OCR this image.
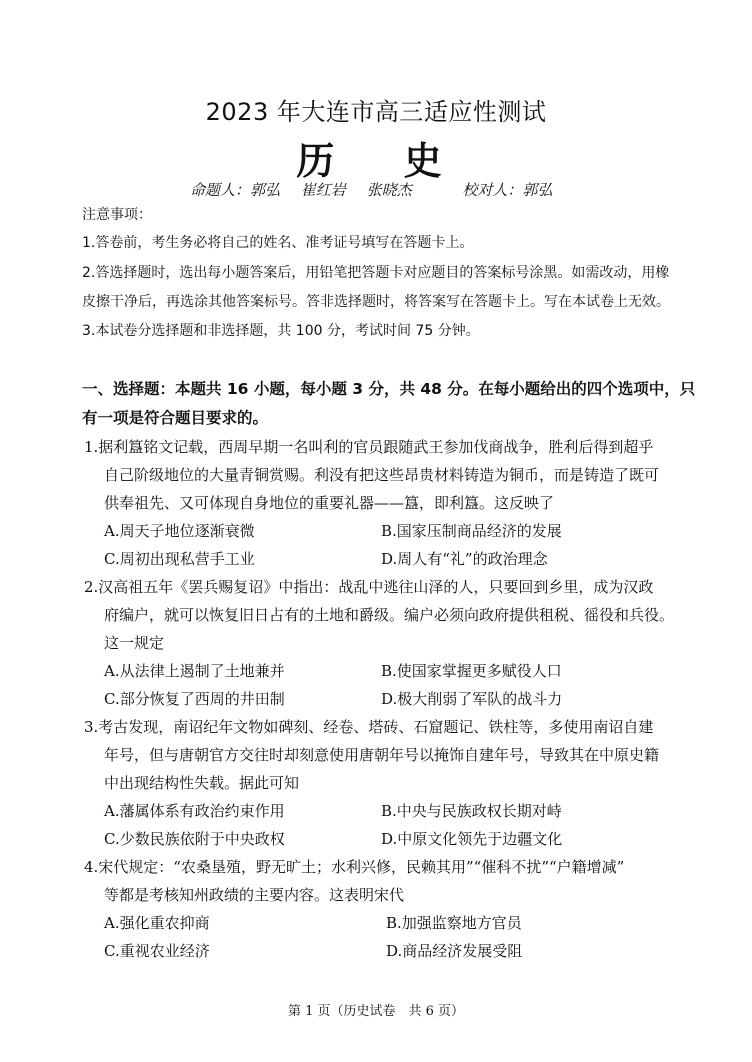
2023 年大连市高三适应性测试
历 史
命题人：郭弘 崔红岩 张晓杰	校对人：郭弘
注意事项：
1.答卷前，考生务必将自己的姓名、准考证号填写在答题卡上。
2.答选择题时，选出每小题答案后，用铅笔把答题卡对应题目的答案标号涂黑。如需改动，用橡
皮擦干净后，再选涂其他答案标号。答非选择题时，将答案写在答题卡上。写在本试卷上无效。
3.本试卷分选择题和非选择题，共 100 分，考试时间 75 分钟。
一、选择题：本题共 16 小题，每小题 3 分，共 48 分。在每小题给出的四个选项中，只
有一项是符合题目要求的。
1.据利簋铭文记载，西周早期一名叫利的官员跟随武王参加伐商战争，胜利后得到超乎
自己阶级地位的大量青铜赏赐。利没有把这些昂贵材料铸造为铜币，而是铸造了既可
供奉祖先、又可体现自身地位的重要礼器——簋，即利簋。这反映了
A.周天子地位逐渐衰微	B.国家压制商品经济的发展
C.周初出现私营手工业	D.周人有“礼”的政治理念
2.汉高祖五年《罢兵赐复诏》中指出：战乱中逃往山泽的人，只要回到乡里，成为汉政
府编户，就可以恢复旧日占有的土地和爵级。编户必须向政府提供租税、徭役和兵役。
这一规定
A.从法律上遏制了土地兼并	B.使国家掌握更多赋役人口
C.部分恢复了西周的井田制	D.极大削弱了军队的战斗力
3.考古发现，南诏纪年文物如碑刻、经卷、塔砖、石窟题记、铁柱等，多使用南诏自建
年号，但与唐朝官方交往时却刻意使用唐朝年号以掩饰自建年号，导致其在中原史籍
中出现结构性失载。据此可知
A.藩属体系有政治约束作用	B.中央与民族政权长期对峙
C.少数民族依附于中央政权	D.中原文化领先于边疆文化
4.宋代规定：“农桑垦殖，野无旷土；水利兴修，民赖其用”“催科不扰”“户籍增减”
等都是考核知州政绩的主要内容。这表明宋代
A.强化重农抑商	B.加强监察地方官员
C.重视农业经济	D.商品经济发展受阻
第 1 页（历史试卷　共 6 页）
